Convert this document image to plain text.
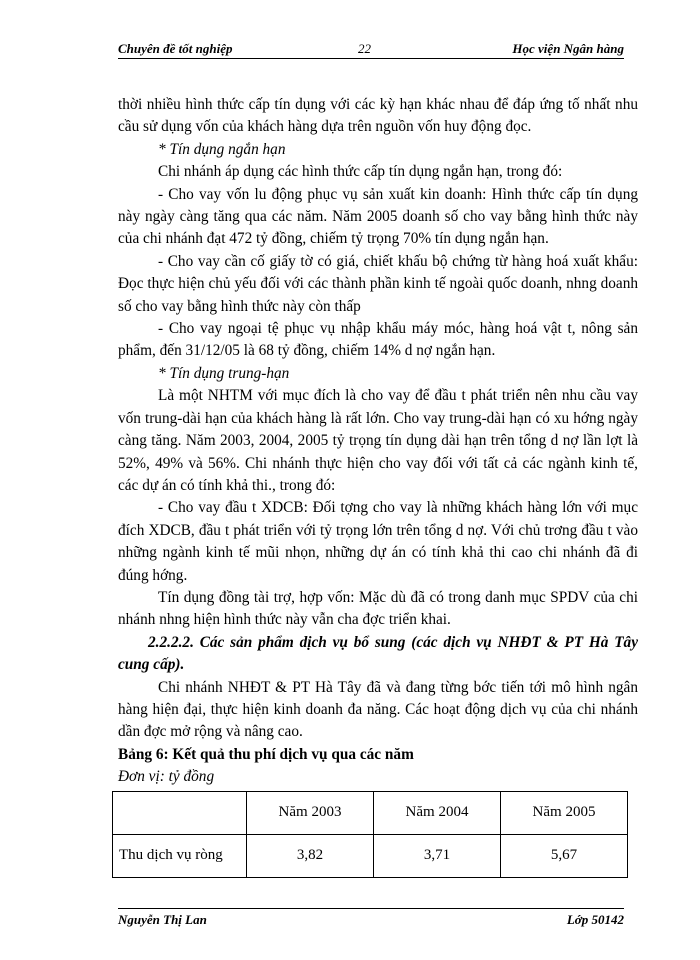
Chuyên đề tốt nghiệp	22	Học viện Ngân hàng

thời nhiều hình thức cấp tín dụng với các kỳ hạn khác nhau để đáp ứng tố nhất nhu cầu sử dụng vốn của khách hàng dựa trên nguồn vốn huy động đọc.

* Tín dụng ngắn hạn

Chi nhánh áp dụng các hình thức cấp tín dụng ngắn hạn, trong đó:

- Cho vay vốn lu động phục vụ sản xuất kin doanh: Hình thức cấp tín dụng này ngày càng tăng qua các năm. Năm 2005 doanh số cho vay bằng hình thức này của chi nhánh đạt 472 tỷ đồng, chiếm tỷ trọng 70% tín dụng ngắn hạn.

- Cho vay cần cố giấy tờ có giá, chiết khấu bộ chứng từ hàng hoá xuất khẩu: Đọc thực hiện chủ yếu đối với các thành phần kinh tế ngoài quốc doanh, nhng doanh số cho vay bằng hình thức này còn thấp

- Cho vay ngoại tệ phục vụ nhập khẩu máy móc, hàng hoá vật t, nông sản phẩm, đến 31/12/05 là 68 tỷ đồng, chiếm 14% d nợ ngắn hạn.

* Tín dụng trung-hạn

Là một NHTM với mục đích là cho vay để đầu t phát triển nên nhu cầu vay vốn trung-dài hạn của khách hàng là rất lớn. Cho vay trung-dài hạn có xu hớng ngày càng tăng. Năm 2003, 2004, 2005 tỷ trọng tín dụng dài hạn trên tổng d nợ lần lợt là 52%, 49% và 56%. Chi nhánh thực hiện cho vay đối với tất cả các ngành kinh tế, các dự án có tính khả thi., trong đó:

- Cho vay đầu t XDCB: Đối tợng cho vay là những khách hàng lớn với mục đích XDCB, đầu t phát triển với tỷ trọng lớn trên tổng d nợ. Với chủ trơng đầu t vào những ngành kinh tế mũi nhọn, những dự án có tính khả thi cao chi nhánh đã đi đúng hớng.

Tín dụng đồng tài trợ, hợp vốn: Mặc dù đã có trong danh mục SPDV của chi nhánh nhng hiện hình thức này vẫn cha đợc triển khai.

2.2.2.2. Các sản phẩm dịch vụ bổ sung (các dịch vụ NHĐT & PT Hà Tây cung cấp).

Chi nhánh NHĐT & PT Hà Tây đã và đang từng bớc tiến tới mô hình ngân hàng hiện đại, thực hiện kinh doanh đa năng. Các hoạt động dịch vụ của chi nhánh dần đợc mở rộng và nâng cao.

Bảng 6: Kết quả thu phí dịch vụ qua các năm

Đơn vị: tỷ đồng

	Năm 2003	Năm 2004	Năm 2005
Thu dịch vụ ròng	3,82	3,71	5,67
Nguyễn Thị Lan	Lớp 50142
